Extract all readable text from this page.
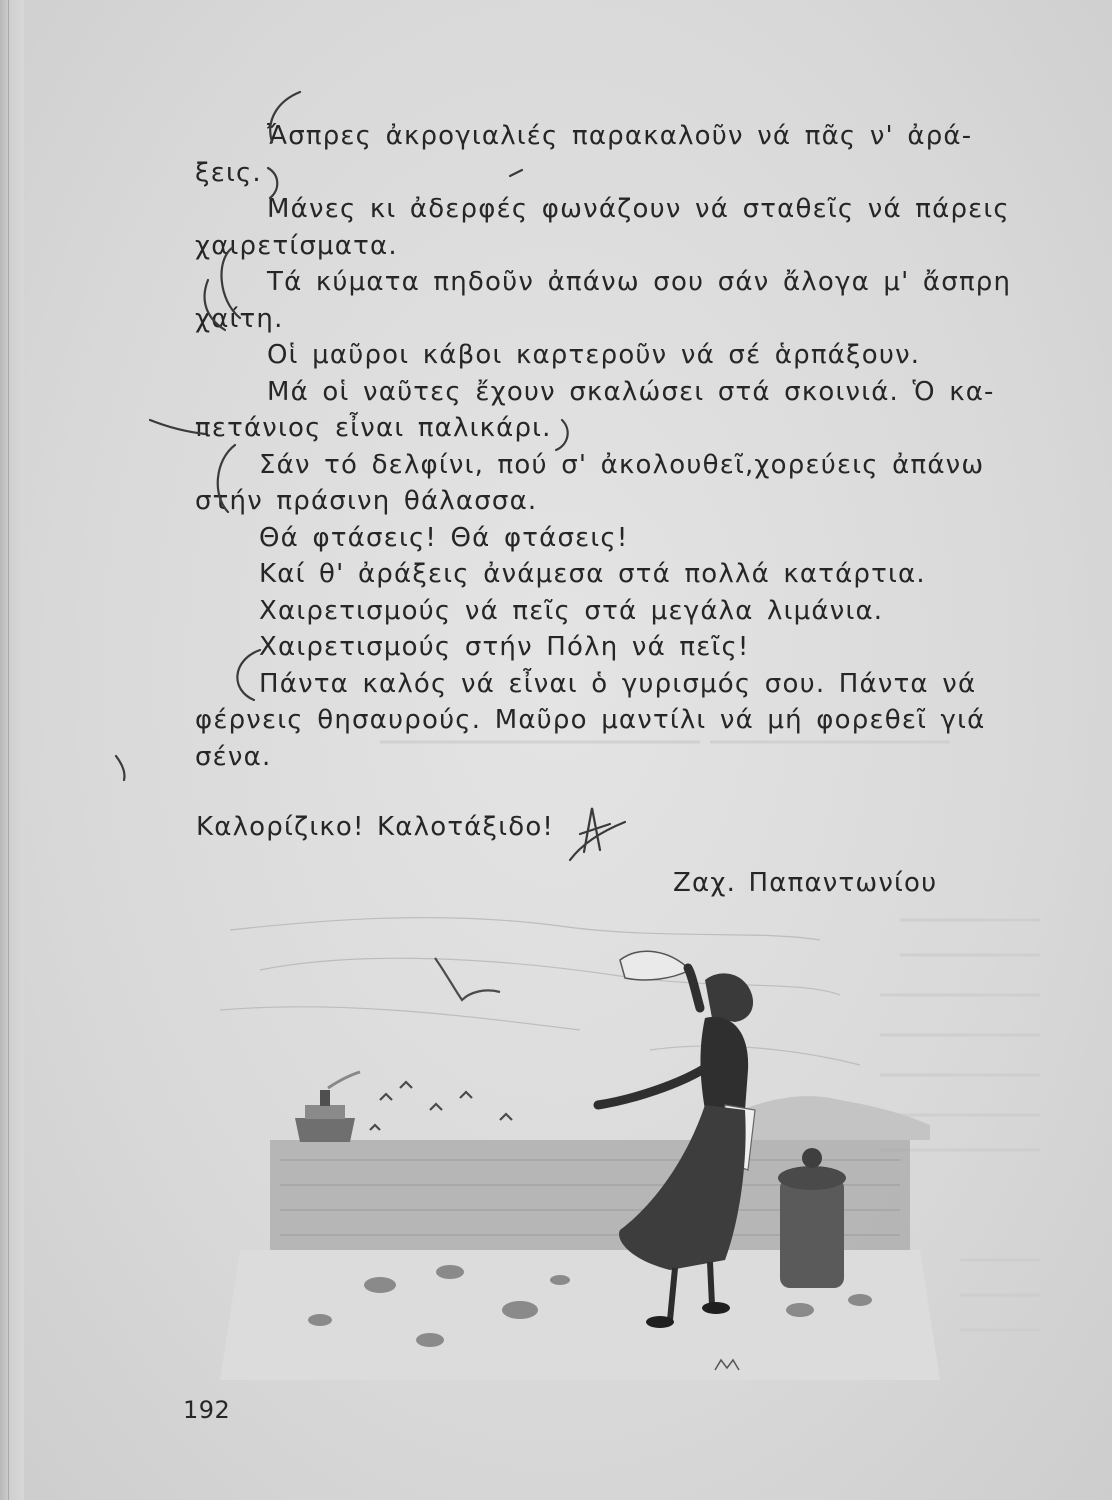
Ἄσπρες ἀκρογιαλιές παρακαλοῦν νά πᾶς ν' ἀρά-
ξεις.
Μάνες κι ἀδερφές φωνάζουν νά σταθεῖς νά πάρεις
χαιρετίσματα.
Τά κύματα πηδοῦν ἀπάνω σου σάν ἄλογα μ' ἄσπρη
χαίτη.
Οἱ μαῦροι κάβοι καρτεροῦν νά σέ ἁρπάξουν.
Μά οἱ ναῦτες ἔχουν σκαλώσει στά σκοινιά. Ὁ κα-
πετάνιος εἶναι παλικάρι.
Σάν τό δελφίνι, πού σ' ἀκολουθεῖ,χορεύεις ἀπάνω
στήν πράσινη θάλασσα.
Θά φτάσεις! Θά φτάσεις!
Καί θ' ἀράξεις ἀνάμεσα στά πολλά κατάρτια.
Χαιρετισμούς νά πεῖς στά μεγάλα λιμάνια.
Χαιρετισμούς στήν Πόλη νά πεῖς!
Πάντα καλός νά εἶναι ὁ γυρισμός σου. Πάντα νά
φέρνεις θησαυρούς. Μαῦρο μαντίλι νά μή φορεθεῖ γιά
σένα.
Καλορίζικο! Καλοτάξιδο!
Ζαχ. Παπαντωνίου
192
